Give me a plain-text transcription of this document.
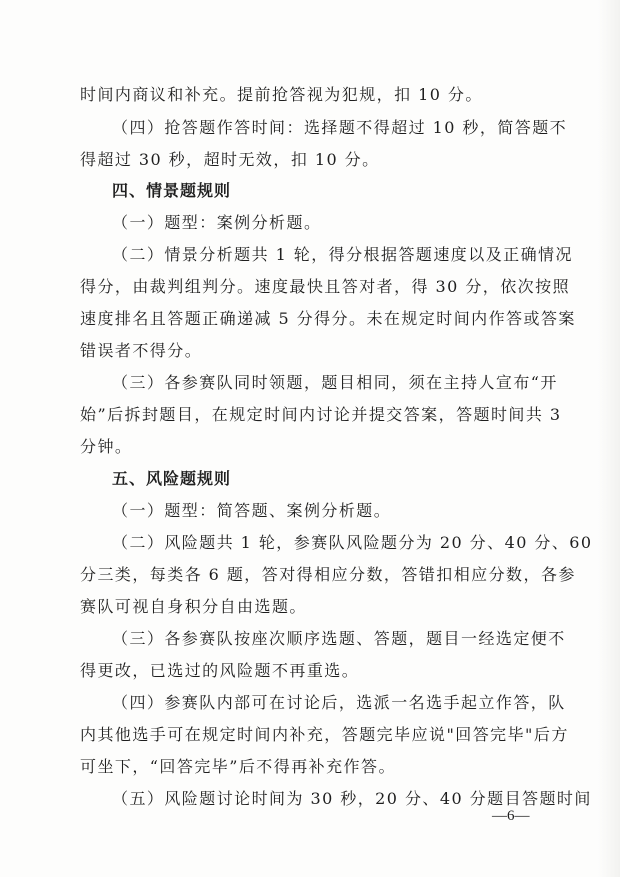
时间内商议和补充。提前抢答视为犯规，扣 10 分。
（四）抢答题作答时间：选择题不得超过 10 秒，简答题不
得超过 30 秒，超时无效，扣 10 分。
四、情景题规则
（一）题型：案例分析题。
（二）情景分析题共 1 轮，得分根据答题速度以及正确情况
得分，由裁判组判分。速度最快且答对者，得 30 分，依次按照
速度排名且答题正确递减 5 分得分。未在规定时间内作答或答案
错误者不得分。
（三）各参赛队同时领题，题目相同，须在主持人宣布“开
始”后拆封题目，在规定时间内讨论并提交答案，答题时间共 3
分钟。
五、风险题规则
（一）题型：简答题、案例分析题。
（二）风险题共 1 轮，参赛队风险题分为 20 分、40 分、60
分三类，每类各 6 题，答对得相应分数，答错扣相应分数，各参
赛队可视自身积分自由选题。
（三）各参赛队按座次顺序选题、答题，题目一经选定便不
得更改，已选过的风险题不再重选。
（四）参赛队内部可在讨论后，选派一名选手起立作答，队
内其他选手可在规定时间内补充，答题完毕应说"回答完毕"后方
可坐下，“回答完毕”后不得再补充作答。
（五）风险题讨论时间为 30 秒，20 分、40 分题目答题时间
—6—
